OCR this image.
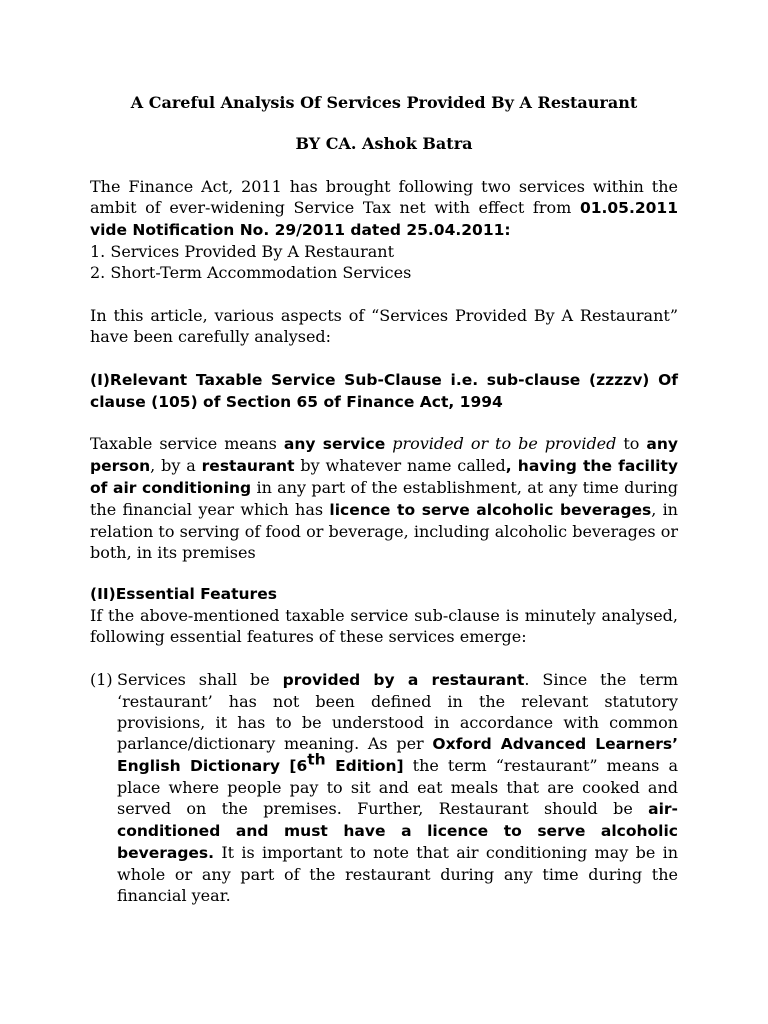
A Careful Analysis Of Services Provided By A Restaurant
BY CA. Ashok Batra

The Finance Act, 2011 has brought following two services within the ambit of ever-widening Service Tax net with effect from 01.05.2011 vide Notification No. 29/2011 dated 25.04.2011:

1. Services Provided By A Restaurant
2. Short-Term Accommodation Services

In this article, various aspects of “Services Provided By A Restaurant” have been carefully analysed:

(I)Relevant Taxable Service Sub-Clause i.e. sub-clause (zzzzv) Of clause (105) of Section 65 of Finance Act, 1994

Taxable service means any service provided or to be provided to any person, by a restaurant by whatever name called, having the facility of air conditioning in any part of the establishment, at any time during the financial year which has licence to serve alcoholic beverages, in relation to serving of food or beverage, including alcoholic beverages or both, in its premises

(II)Essential Features

If the above-mentioned taxable service sub-clause is minutely analysed, following essential features of these services emerge:

(1) Services shall be provided by a restaurant. Since the term ‘restaurant’ has not been defined in the relevant statutory provisions, it has to be understood in accordance with common parlance/dictionary meaning. As per Oxford Advanced Learners’ English Dictionary [6th Edition] the term “restaurant” means a place where people pay to sit and eat meals that are cooked and served on the premises. Further, Restaurant should be air- conditioned and must have a licence to serve alcoholic beverages. It is important to note that air conditioning may be in whole or any part of the restaurant during any time during the financial year.
